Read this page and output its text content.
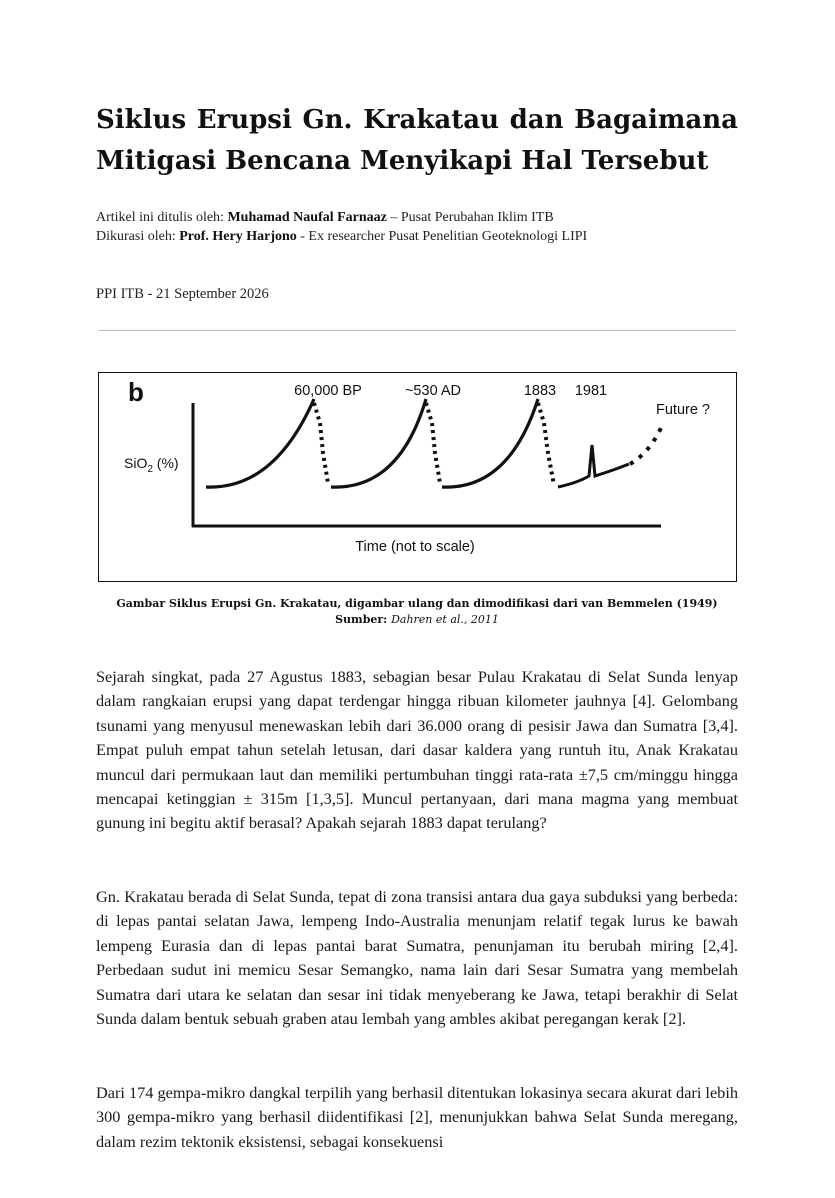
Siklus Erupsi Gn. Krakatau dan Bagaimana Mitigasi Bencana Menyikapi Hal Tersebut
Artikel ini ditulis oleh: Muhamad Naufal Farnaaz – Pusat Perubahan Iklim ITB
Dikurasi oleh: Prof. Hery Harjono - Ex researcher Pusat Penelitian Geoteknologi LIPI
PPI ITB - 21 September 2026
b
SiO$_2$ (%)
Time (not to scale)
60,000 BP	~530 AD	1883 1981
Future ?
Gambar Siklus Erupsi Gn. Krakatau, digambar ulang dan dimodifikasi dari van Bemmelen (1949)
Sumber: Dahren et al., 2011

Sejarah singkat, pada 27 Agustus 1883, sebagian besar Pulau Krakatau di Selat Sunda lenyap dalam rangkaian erupsi yang dapat terdengar hingga ribuan kilometer jauhnya [4]. Gelombang tsunami yang menyusul menewaskan lebih dari 36.000 orang di pesisir Jawa dan Sumatra [3,4]. Empat puluh empat tahun setelah letusan, dari dasar kaldera yang runtuh itu, Anak Krakatau muncul dari permukaan laut dan memiliki pertumbuhan tinggi rata-rata ±7,5 cm/minggu hingga mencapai ketinggian ± 315m [1,3,5]. Muncul pertanyaan, dari mana magma yang membuat gunung ini begitu aktif berasal? Apakah sejarah 1883 dapat terulang?

Gn. Krakatau berada di Selat Sunda, tepat di zona transisi antara dua gaya subduksi yang berbeda: di lepas pantai selatan Jawa, lempeng Indo-Australia menunjam relatif tegak lurus ke bawah lempeng Eurasia dan di lepas pantai barat Sumatra, penunjaman itu berubah miring [2,4]. Perbedaan sudut ini memicu Sesar Semangko, nama lain dari Sesar Sumatra yang membelah Sumatra dari utara ke selatan dan sesar ini tidak menyeberang ke Jawa, tetapi berakhir di Selat Sunda dalam bentuk sebuah graben atau lembah yang ambles akibat peregangan kerak [2].

Dari 174 gempa-mikro dangkal terpilih yang berhasil ditentukan lokasinya secara akurat dari lebih 300 gempa-mikro yang berhasil diidentifikasi [2], menunjukkan bahwa Selat Sunda meregang, dalam rezim tektonik eksistensi, sebagai konsekuensi
